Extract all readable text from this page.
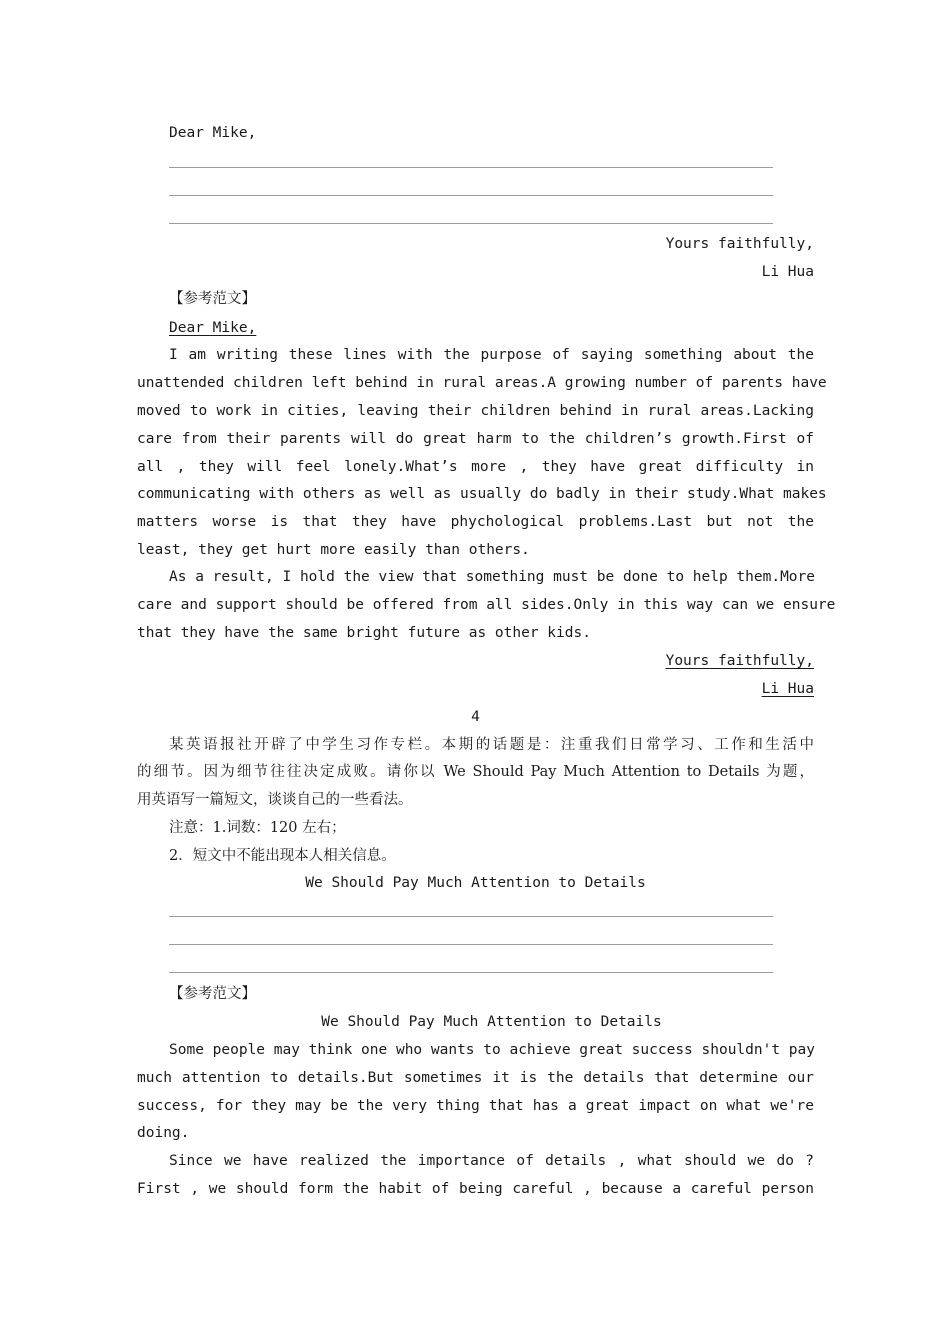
Dear Mike,
Yours faithfully,
Li Hua
【参考范文】
Dear Mike,
I am writing these lines with the purpose of saying something about the
unattended children left behind in rural areas.A growing number of parents have
moved to work in cities, leaving their children behind in rural areas.Lacking
care from their parents will do great harm to the children’s growth.First of
all , they will feel lonely.What’s more , they have great difficulty in
communicating with others as well as usually do badly in their study.What makes
matters worse is that they have phychological problems.Last but not the
least, they get hurt more easily than others.
As a result, I hold the view that something must be done to help them.More
care and support should be offered from all sides.Only in this way can we ensure
that they have the same bright future as other kids.
Yours faithfully,
Li Hua
4
某英语报社开辟了中学生习作专栏。本期的话题是：注重我们日常学习、工作和生活中
的细节。因为细节往往决定成败。请你以 We Should Pay Much Attention to Details 为题，
用英语写一篇短文，谈谈自己的一些看法。
注意：1.词数：120 左右；
2．短文中不能出现本人相关信息。
We Should Pay Much Attention to Details
【参考范文】
We Should Pay Much Attention to Details
Some people may think one who wants to achieve great success shouldn't pay
much attention to details.But sometimes it is the details that determine our
success, for they may be the very thing that has a great impact on what we're
doing.
Since we have realized the importance of details , what should we do ?
First , we should form the habit of being careful , because a careful person
